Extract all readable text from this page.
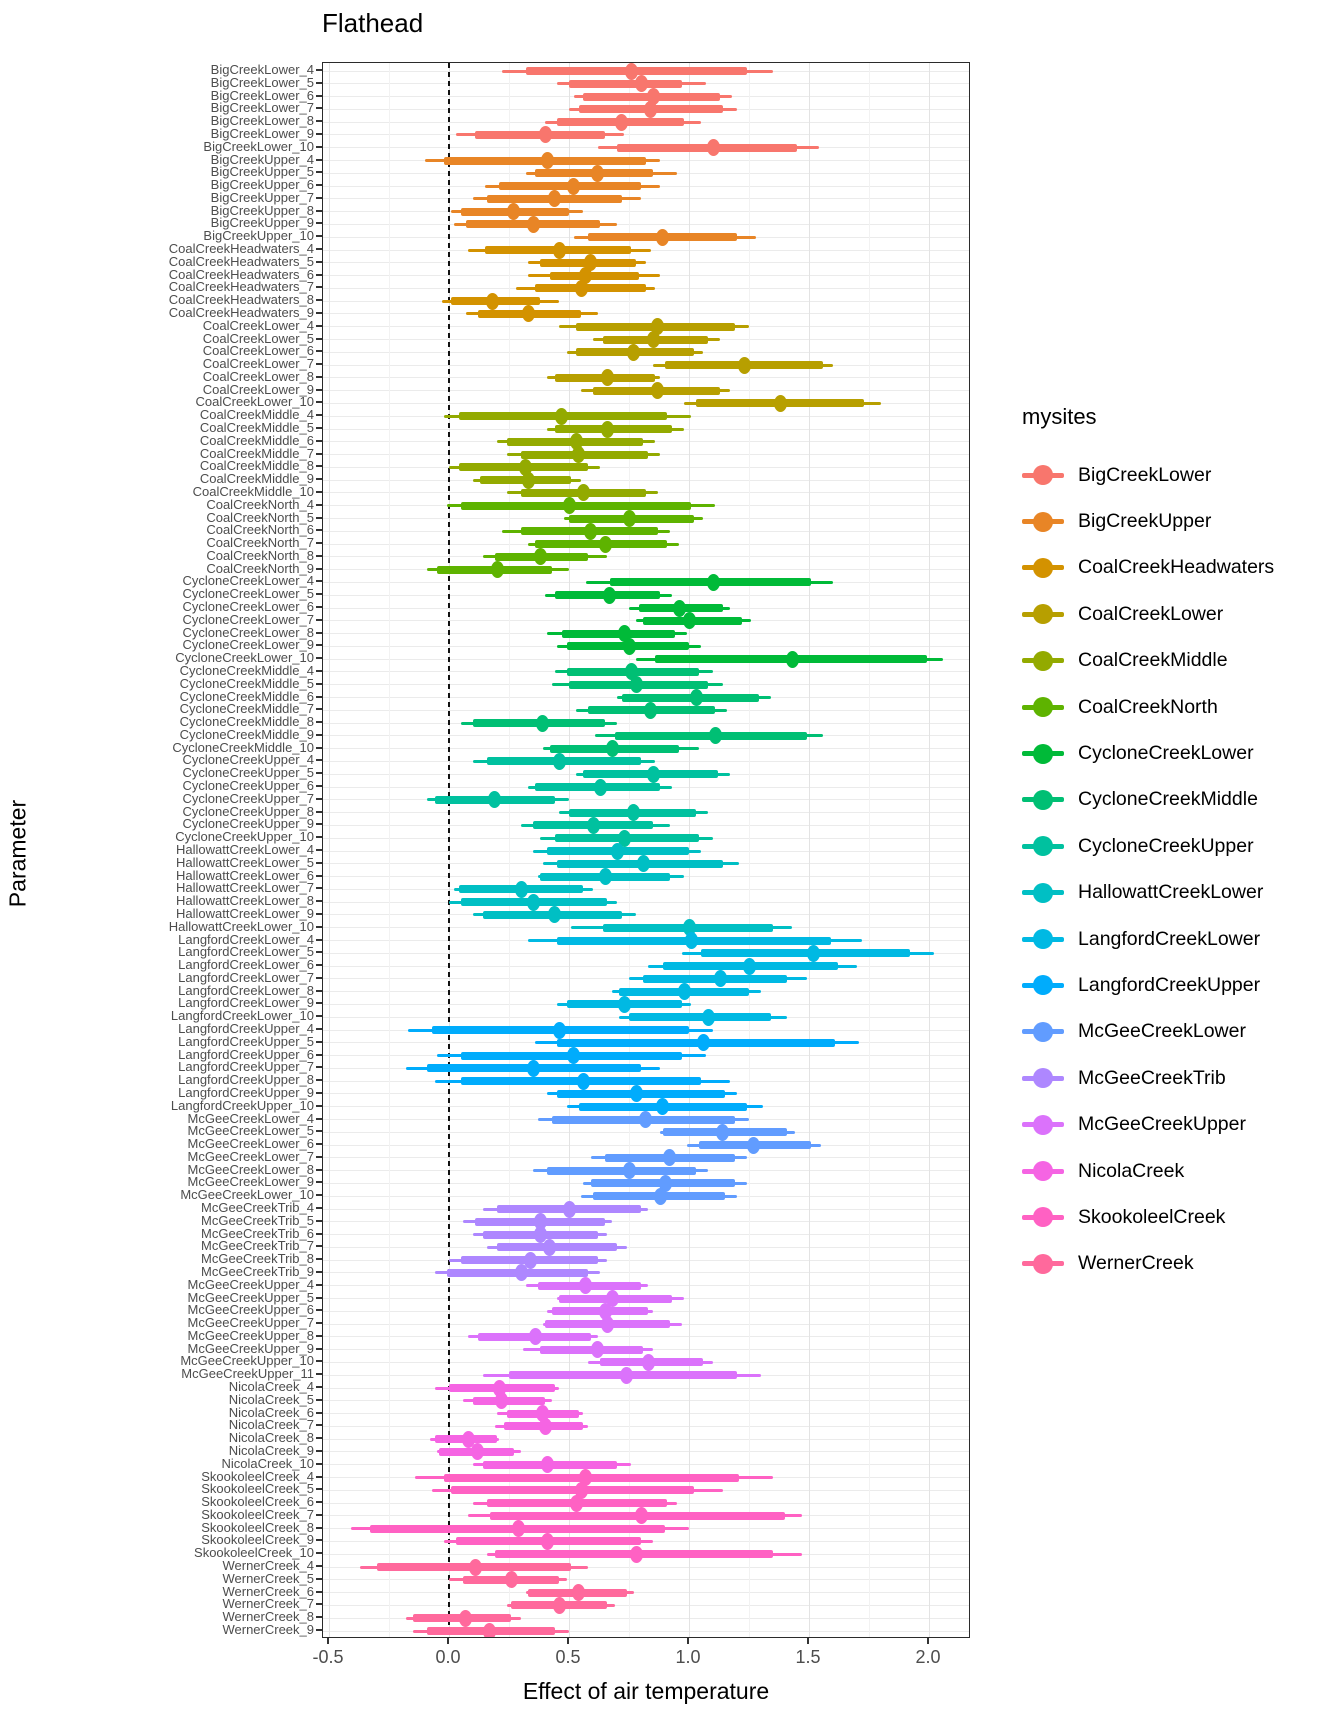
Flathead
BigCreekLower_4
BigCreekLower_5
BigCreekLower_6
BigCreekLower_7
BigCreekLower_8
BigCreekLower_9
BigCreekLower_10
BigCreekUpper_4
BigCreekUpper_5
BigCreekUpper_6
BigCreekUpper_7
BigCreekUpper_8
BigCreekUpper_9
BigCreekUpper_10
CoalCreekHeadwaters_4
CoalCreekHeadwaters_5
CoalCreekHeadwaters_6
CoalCreekHeadwaters_7
CoalCreekHeadwaters_8
CoalCreekHeadwaters_9
CoalCreekLower_4
CoalCreekLower_5
CoalCreekLower_6
CoalCreekLower_7
CoalCreekLower_8
CoalCreekLower_9
CoalCreekLower_10
CoalCreekMiddle_4
CoalCreekMiddle_5
CoalCreekMiddle_6
CoalCreekMiddle_7
CoalCreekMiddle_8
CoalCreekMiddle_9
CoalCreekMiddle_10
CoalCreekNorth_4
CoalCreekNorth_5
CoalCreekNorth_6
CoalCreekNorth_7
CoalCreekNorth_8
CoalCreekNorth_9
CycloneCreekLower_4
CycloneCreekLower_5
CycloneCreekLower_6
CycloneCreekLower_7
CycloneCreekLower_8
CycloneCreekLower_9
CycloneCreekLower_10
CycloneCreekMiddle_4
CycloneCreekMiddle_5
CycloneCreekMiddle_6
CycloneCreekMiddle_7
CycloneCreekMiddle_8
CycloneCreekMiddle_9
CycloneCreekMiddle_10
CycloneCreekUpper_4
CycloneCreekUpper_5
CycloneCreekUpper_6
CycloneCreekUpper_7
CycloneCreekUpper_8
CycloneCreekUpper_9
CycloneCreekUpper_10
HallowattCreekLower_4
HallowattCreekLower_5
HallowattCreekLower_6
HallowattCreekLower_7
HallowattCreekLower_8
HallowattCreekLower_9
HallowattCreekLower_10
LangfordCreekLower_4
LangfordCreekLower_5
LangfordCreekLower_6
LangfordCreekLower_7
LangfordCreekLower_8
LangfordCreekLower_9
LangfordCreekLower_10
LangfordCreekUpper_4
LangfordCreekUpper_5
LangfordCreekUpper_6
LangfordCreekUpper_7
LangfordCreekUpper_8
LangfordCreekUpper_9
LangfordCreekUpper_10
McGeeCreekLower_4
McGeeCreekLower_5
McGeeCreekLower_6
McGeeCreekLower_7
McGeeCreekLower_8
McGeeCreekLower_9
McGeeCreekLower_10
McGeeCreekTrib_4
McGeeCreekTrib_5
McGeeCreekTrib_6
McGeeCreekTrib_7
McGeeCreekTrib_8
McGeeCreekTrib_9
McGeeCreekUpper_4
McGeeCreekUpper_5
McGeeCreekUpper_6
McGeeCreekUpper_7
McGeeCreekUpper_8
McGeeCreekUpper_9
McGeeCreekUpper_10
McGeeCreekUpper_11
NicolaCreek_4
NicolaCreek_5
NicolaCreek_6
NicolaCreek_7
NicolaCreek_8
NicolaCreek_9
NicolaCreek_10
SkookoleelCreek_4
SkookoleelCreek_5
SkookoleelCreek_6
SkookoleelCreek_7
SkookoleelCreek_8
SkookoleelCreek_9
SkookoleelCreek_10
WernerCreek_4
WernerCreek_5
WernerCreek_6
WernerCreek_7
WernerCreek_8
WernerCreek_9
-0.5	0.0	0.5	1.0	1.5	2.0
Effect of air temperature
Parameter

mysites

BigCreekLower
BigCreekUpper
CoalCreekHeadwaters
CoalCreekLower
CoalCreekMiddle
CoalCreekNorth
CycloneCreekLower
CycloneCreekMiddle
CycloneCreekUpper
HallowattCreekLower
LangfordCreekLower
LangfordCreekUpper
McGeeCreekLower
McGeeCreekTrib
McGeeCreekUpper
NicolaCreek
SkookoleelCreek
WernerCreek
